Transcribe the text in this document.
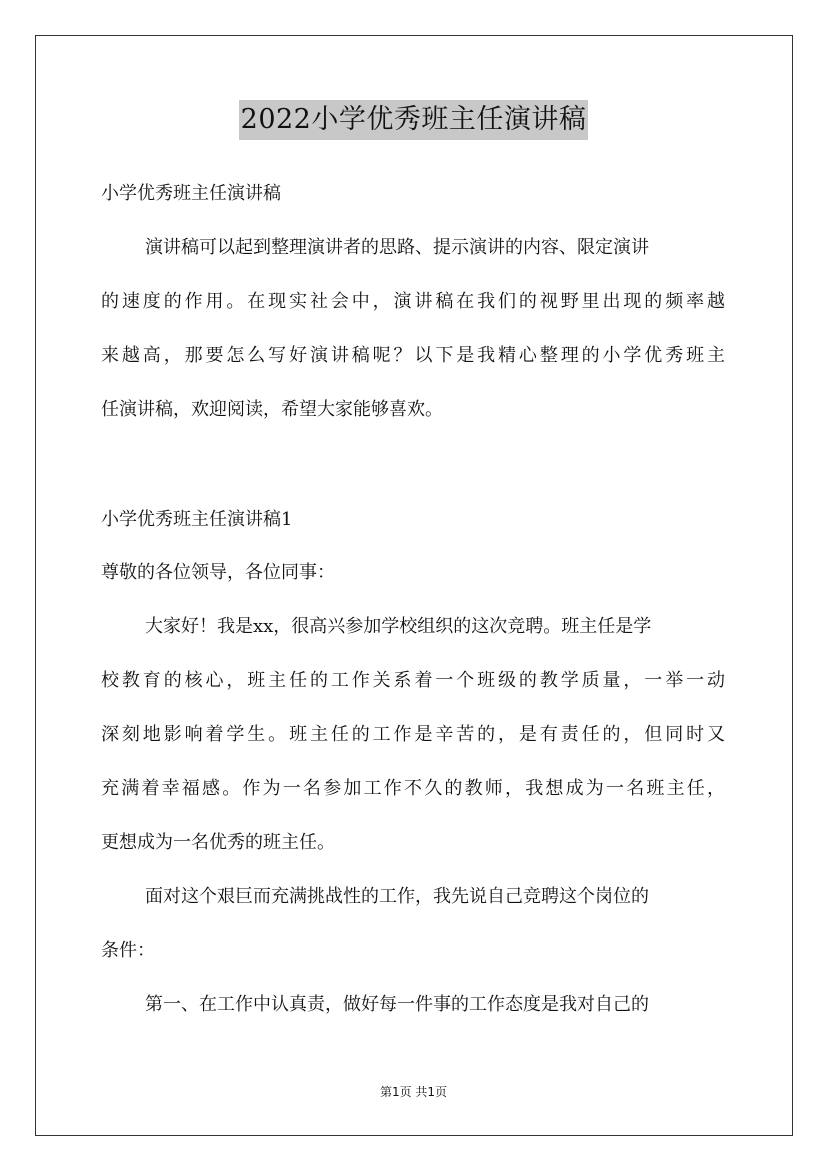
2022小学优秀班主任演讲稿
小学优秀班主任演讲稿
演讲稿可以起到整理演讲者的思路、提示演讲的内容、限定演讲
的速度的作用。在现实社会中，演讲稿在我们的视野里出现的频率越
来越高，那要怎么写好演讲稿呢？以下是我精心整理的小学优秀班主
任演讲稿，欢迎阅读，希望大家能够喜欢。
小学优秀班主任演讲稿1
尊敬的各位领导，各位同事：
大家好！我是xx，很高兴参加学校组织的这次竞聘。班主任是学
校教育的核心，班主任的工作关系着一个班级的教学质量，一举一动
深刻地影响着学生。班主任的工作是辛苦的，是有责任的，但同时又
充满着幸福感。作为一名参加工作不久的教师，我想成为一名班主任，
更想成为一名优秀的班主任。
面对这个艰巨而充满挑战性的工作，我先说自己竞聘这个岗位的
条件：
第一、在工作中认真责，做好每一件事的工作态度是我对自己的
第1页 共1页
